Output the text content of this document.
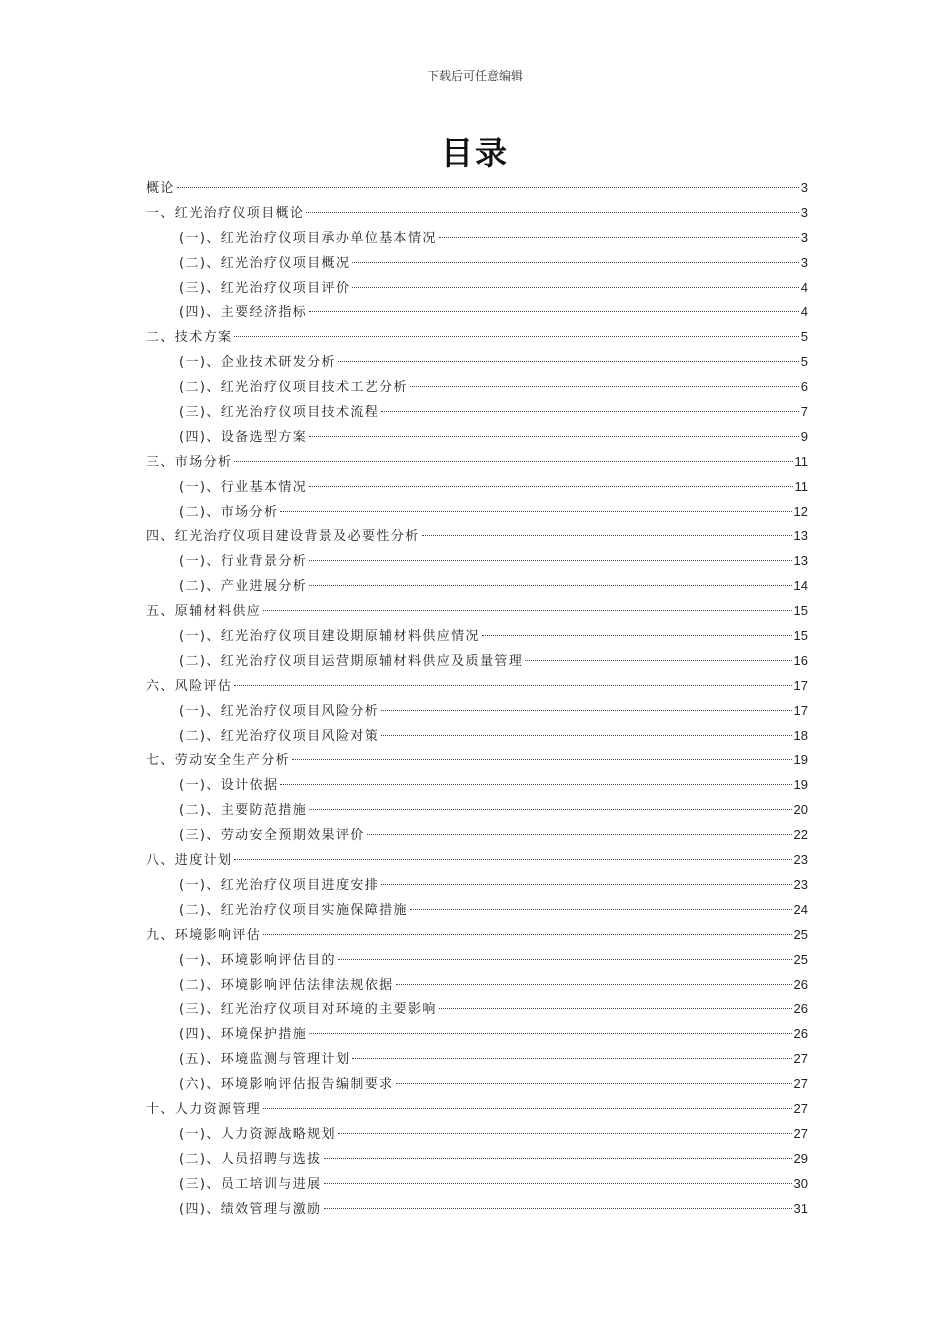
下载后可任意编辑
目录
概论	3
一、红光治疗仪项目概论	3
(一)、红光治疗仪项目承办单位基本情况	3
(二)、红光治疗仪项目概况	3
(三)、红光治疗仪项目评价	4
(四)、主要经济指标	4
二、技术方案	5
(一)、企业技术研发分析	5
(二)、红光治疗仪项目技术工艺分析	6
(三)、红光治疗仪项目技术流程	7
(四)、设备选型方案	9
三、市场分析	11
(一)、行业基本情况	11
(二)、市场分析	12
四、红光治疗仪项目建设背景及必要性分析	13
(一)、行业背景分析	13
(二)、产业进展分析	14
五、原辅材料供应	15
(一)、红光治疗仪项目建设期原辅材料供应情况	15
(二)、红光治疗仪项目运营期原辅材料供应及质量管理	16
六、风险评估	17
(一)、红光治疗仪项目风险分析	17
(二)、红光治疗仪项目风险对策	18
七、劳动安全生产分析	19
(一)、设计依据	19
(二)、主要防范措施	20
(三)、劳动安全预期效果评价	22
八、进度计划	23
(一)、红光治疗仪项目进度安排	23
(二)、红光治疗仪项目实施保障措施	24
九、环境影响评估	25
(一)、环境影响评估目的	25
(二)、环境影响评估法律法规依据	26
(三)、红光治疗仪项目对环境的主要影响	26
(四)、环境保护措施	26
(五)、环境监测与管理计划	27
(六)、环境影响评估报告编制要求	27
十、人力资源管理	27
(一)、人力资源战略规划	27
(二)、人员招聘与选拔	29
(三)、员工培训与进展	30
(四)、绩效管理与激励	31
